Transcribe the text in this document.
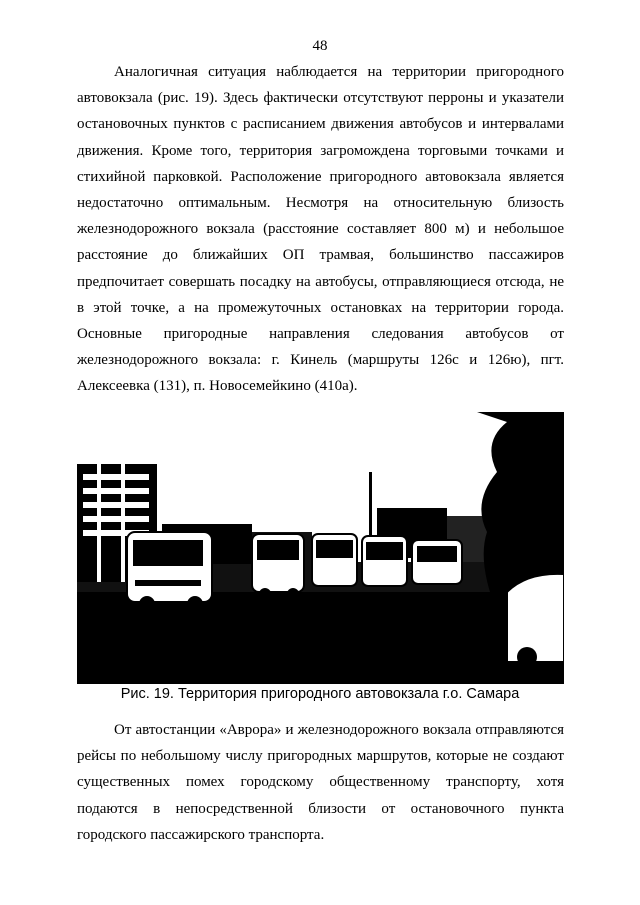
48

Аналогичная ситуация наблюдается на территории пригородного автовокзала (рис. 19). Здесь фактически отсутствуют перроны и указатели остановочных пунктов с расписанием движения автобусов и интервалами движения. Кроме того, территория загромождена торговыми точками и стихийной парковкой. Расположение пригородного автовокзала является недостаточно оптимальным. Несмотря на относительную близость железнодорожного вокзала (расстояние составляет 800 м) и небольшое расстояние до ближайших ОП трамвая, большинство пассажиров предпочитает совершать посадку на автобусы, отправляющиеся отсюда, не в этой точке, а на промежуточных остановках на территории города. Основные пригородные направления следования автобусов от железнодорожного вокзала: г. Кинель (маршруты 126с и 126ю), пгт. Алексеевка (131), п. Новосемейкино (410а).

Рис. 19. Территория пригородного автовокзала г.о. Самара

От автостанции «Аврора» и железнодорожного вокзала отправляются рейсы по небольшому числу пригородных маршрутов, которые не создают существенных помех городскому общественному транспорту, хотя подаются в непосредственной близости от остановочного пункта городского пассажирского транспорта.
